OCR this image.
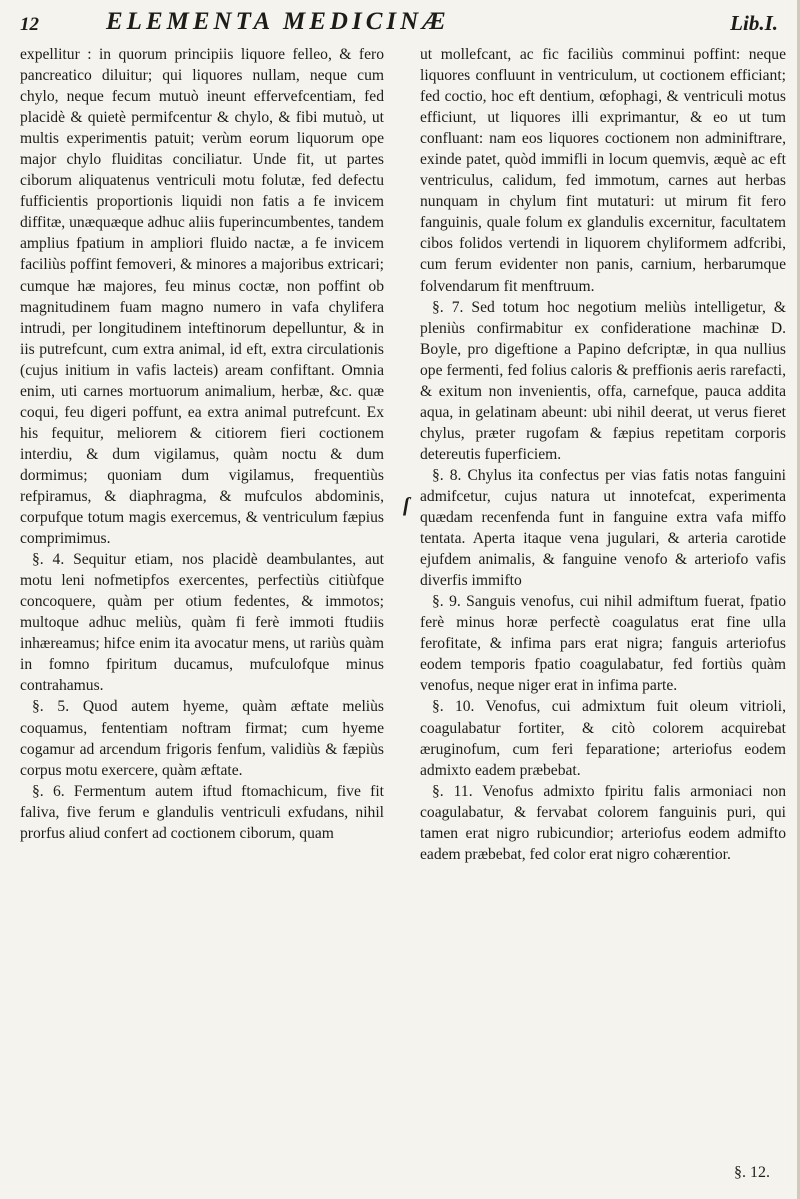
12	ELEMENTA MEDICINÆ	Lib.I.

expellitur : in quorum principiis liquore felleo, & fero pancreatico diluitur; qui liquores nullam, neque cum chylo, neque fecum mutuò ineunt effervefcentiam, fed placidè & quietè permifcentur & chylo, & fibi mutuò, ut multis experimentis patuit; verùm eorum liquorum ope major chylo fluiditas conciliatur. Unde fit, ut partes ciborum aliquatenus ventriculi motu folutæ, fed defectu fufficientis proportionis liquidi non fatis a fe invicem diffitæ, unæquæque adhuc aliis fuperincumbentes, tandem amplius fpatium in ampliori fluido nactæ, a fe invicem faciliùs poffint femoveri, & minores a majoribus extricari; cumque hæ majores, feu minus coctæ, non poffint ob magnitudinem fuam magno numero in vafa chylifera intrudi, per longitudinem inteftinorum depelluntur, & in iis putrefcunt, cum extra animal, id eft, extra circulationis (cujus initium in vafis lacteis) aream confiftant. Omnia enim, uti carnes mortuorum animalium, herbæ, &c. quæ coqui, feu digeri poffunt, ea extra animal putrefcunt. Ex his fequitur, meliorem & citiorem fieri coctionem interdiu, & dum vigilamus, quàm noctu & dum dormimus; quoniam dum vigilamus, frequentiùs refpiramus, & diaphragma, & mufculos abdominis, corpufque totum magis exercemus, & ventriculum fæpius comprimimus.

§. 4. Sequitur etiam, nos placidè deambulantes, aut motu leni nofmetipfos exercentes, perfectiùs citiùfque concoquere, quàm per otium fedentes, & immotos; multoque adhuc meliùs, quàm fi ferè immoti ftudiis inhæreamus; hifce enim ita avocatur mens, ut rariùs quàm in fomno fpiritum ducamus, mufculofque minus contrahamus.

§. 5. Quod autem hyeme, quàm æftate meliùs coquamus, fententiam noftram firmat; cum hyeme cogamur ad arcendum frigoris fenfum, validiùs & fæpiùs corpus motu exercere, quàm æftate.

§. 6. Fermentum autem iftud ftomachicum, five fit faliva, five ferum e glandulis ventriculi exfudans, nihil prorfus aliud confert ad coctionem ciborum, quam

ſ

ut mollefcant, ac fic faciliùs comminui poffint: neque liquores confluunt in ventriculum, ut coctionem efficiant; fed coctio, hoc eft dentium, œfophagi, & ventriculi motus efficiunt, ut liquores illi exprimantur, & eo ut tum confluant: nam eos liquores coctionem non adminiftrare, exinde patet, quòd immifli in locum quemvis, æquè ac eft ventriculus, calidum, fed immotum, carnes aut herbas nunquam in chylum fint mutaturi: ut mirum fit fero fanguinis, quale folum ex glandulis excernitur, facultatem cibos folidos vertendi in liquorem chyliformem adfcribi, cum ferum evidenter non panis, carnium, herbarumque folvendarum fit menftruum.

§. 7. Sed totum hoc negotium meliùs intelligetur, & pleniùs confirmabitur ex confideratione machinæ D. Boyle, pro digeftione a Papino defcriptæ, in qua nullius ope fermenti, fed folius caloris & preffionis aeris rarefacti, & exitum non invenientis, offa, carnefque, pauca addita aqua, in gelatinam abeunt: ubi nihil deerat, ut verus fieret chylus, præter rugofam & fæpius repetitam corporis detereutis fuperficiem.

§. 8. Chylus ita confectus per vias fatis notas fanguini admifcetur, cujus natura ut innotefcat, experimenta quædam recenfenda funt in fanguine extra vafa miffo tentata. Aperta itaque vena jugulari, & arteria carotide ejufdem animalis, & fanguine venofo & arteriofo vafis diverfis immifto

§. 9. Sanguis venofus, cui nihil admiftum fuerat, fpatio ferè minus horæ perfectè coagulatus erat fine ulla ferofitate, & infima pars erat nigra; fanguis arteriofus eodem temporis fpatio coagulabatur, fed fortiùs quàm venofus, neque niger erat in infima parte.

§. 10. Venofus, cui admixtum fuit oleum vitrioli, coagulabatur fortiter, & citò colorem acquirebat æruginofum, cum feri feparatione; arteriofus eodem admixto eadem præbebat.

§. 11. Venofus admixto fpiritu falis armoniaci non coagulabatur, & fervabat colorem fanguinis puri, qui tamen erat nigro rubicundior; arteriofus eodem admifto eadem præbebat, fed color erat nigro cohærentior.

§. 12.
